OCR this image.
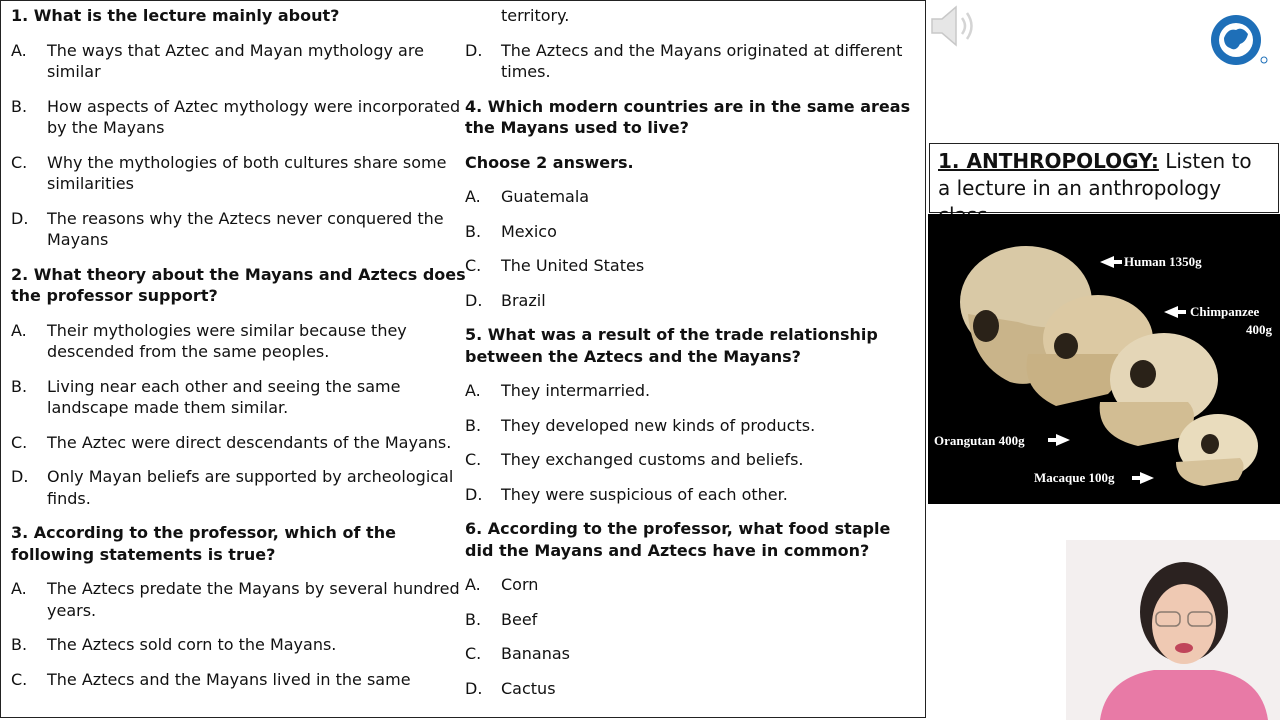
1. What is the lecture mainly about?
A.	The ways that Aztec and Mayan mythology are similar
B.	How aspects of Aztec mythology were incorporated by the Mayans
C.	Why the mythologies of both cultures share some similarities
D.	The reasons why the Aztecs never conquered the Mayans
2. What theory about the Mayans and Aztecs does the professor support?
A.	Their mythologies were similar because they descended from the same peoples.
B.	Living near each other and seeing the same landscape made them similar.
C.	The Aztec were direct descendants of the Mayans.
D.	Only Mayan beliefs are supported by archeological finds.
3. According to the professor, which of the following statements is true?
A.	The Aztecs predate the Mayans by several hundred years.
B.	The Aztecs sold corn to the Mayans.
C.	The Aztecs and the Mayans lived in the same
territory.
D.	The Aztecs and the Mayans originated at different times.
4. Which modern countries are in the same areas the Mayans used to live?
Choose 2 answers.
A.	Guatemala
B.	Mexico
C.	The United States
D.	Brazil
5. What was a result of the trade relationship between the Aztecs and the Mayans?
A.	They intermarried.
B.	They developed new kinds of products.
C.	They exchanged customs and beliefs.
D.	They were suspicious of each other.
6. According to the professor, what food staple did the Mayans and Aztecs have in common?
A.	Corn
B.	Beef
C.	Bananas
D.	Cactus
1. ANTHROPOLOGY: Listen to a lecture in an anthropology
Human 1350g
Chimpanzee
400g
Orangutan 400g
Macaque 100g
